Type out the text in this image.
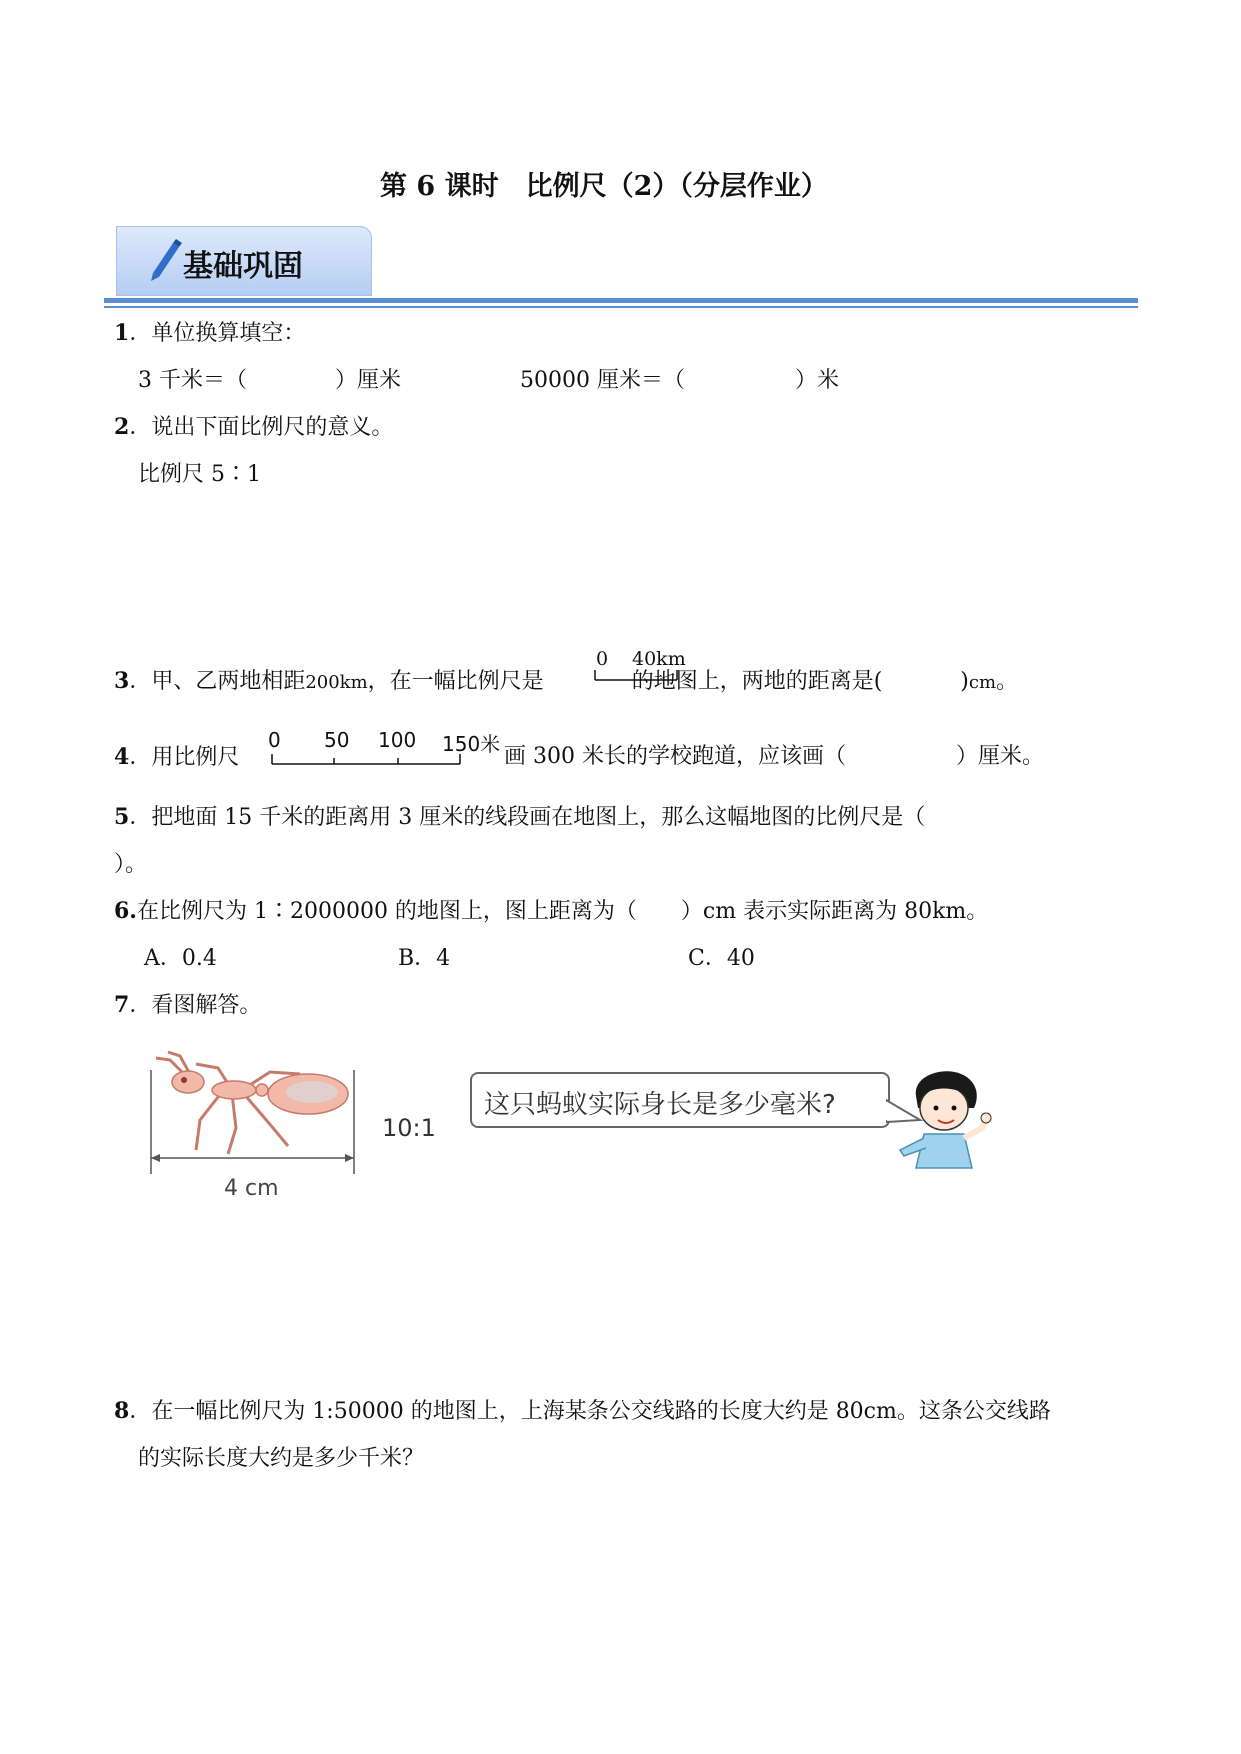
第 6 课时　比例尺（2）（分层作业）
基础巩固
1．单位换算填空：
3 千米＝（　　　　）厘米	50000 厘米＝（　　　　　）米
2．说出下面比例尺的意义。
比例尺 5∶1
3．甲、乙两地相距200km，在一幅比例尺是	的地图上，两地的距离是(	)cm。
0 40km
4．用比例尺	画 300 米长的学校跑道，应该画（　　　　　）厘米。
0 50 100 150米
5．把地面 15 千米的距离用 3 厘米的线段画在地图上，那么这幅地图的比例尺是（
）。
6.在比例尺为 1∶2000000 的地图上，图上距离为（　　）cm 表示实际距离为 80km。
A．0.4	B．4	C．40
7．看图解答。
4 cm
10:1
这只蚂蚁实际身长是多少毫米?
8．在一幅比例尺为 1:50000 的地图上，上海某条公交线路的长度大约是 80cm。这条公交线路
的实际长度大约是多少千米？
